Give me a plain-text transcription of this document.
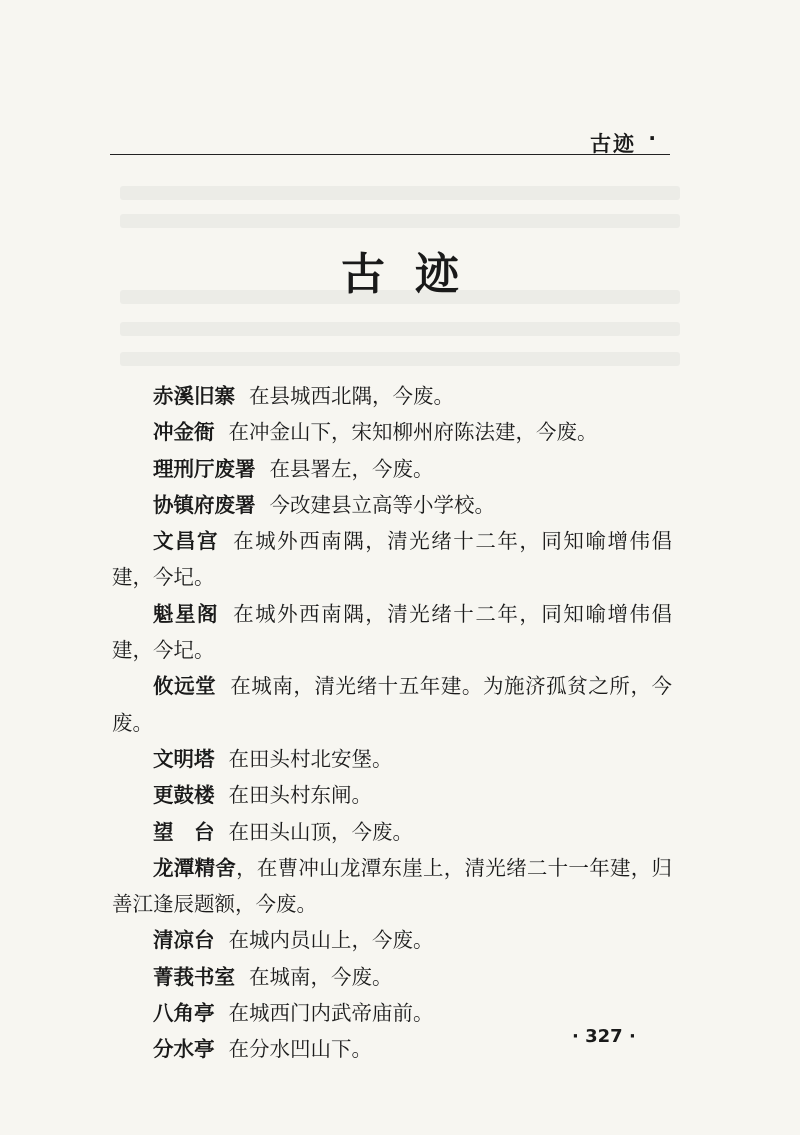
古迹 ·
古迹

赤溪旧寨 在县城西北隅，今废。

冲金衙 在冲金山下，宋知柳州府陈法建，今废。

理刑厅废署 在县署左，今废。

协镇府废署 今改建县立高等小学校。

文昌宫 在城外西南隅，清光绪十二年，同知喻增伟倡建，今圮。

魁星阁 在城外西南隅，清光绪十二年，同知喻增伟倡建，今圮。

攸远堂 在城南，清光绪十五年建。为施济孤贫之所，今废。

文明塔 在田头村北安堡。

更鼓楼 在田头村东闸。

望　台 在田头山顶，今废。

龙潭精舍，在曹冲山龙潭东崖上，清光绪二十一年建，归善江逢辰题额，今废。

清凉台 在城内员山上，今废。

菁莪书室 在城南，今废。

八角亭 在城西门内武帝庙前。

分水亭 在分水凹山下。

· 327 ·
